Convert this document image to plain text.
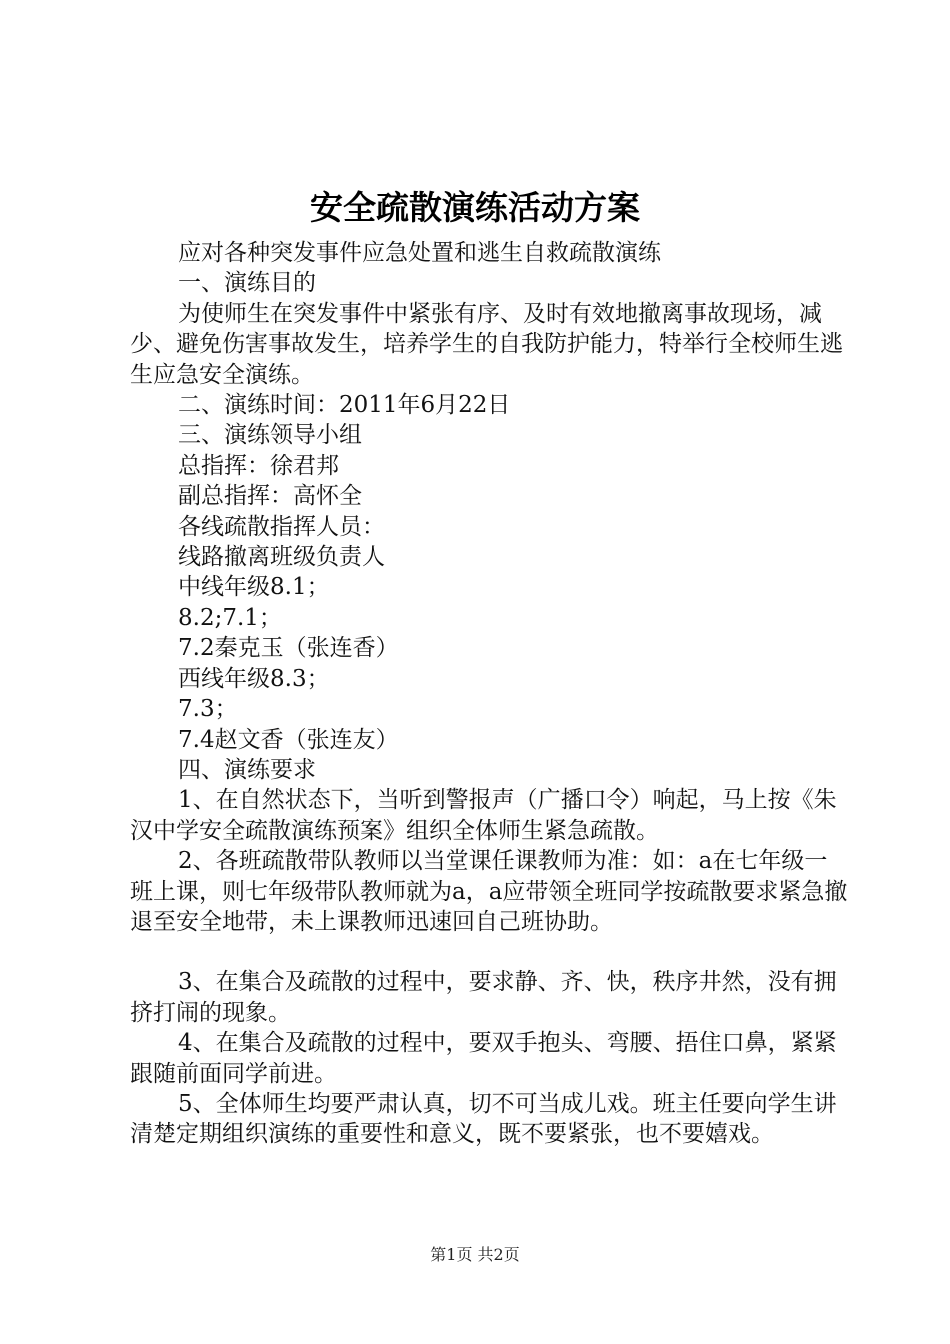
安全疏散演练活动方案

应对各种突发事件应急处置和逃生自救疏散演练

一、演练目的

为使师生在突发事件中紧张有序、及时有效地撤离事故现场，减少、避免伤害事故发生，培养学生的自我防护能力，特举行全校师生逃生应急安全演练。

二、演练时间：2011年6月22日

三、演练领导小组

总指挥：徐君邦

副总指挥：高怀全

各线疏散指挥人员：

线路撤离班级负责人

中线年级8.1；

8.2;7.1；

7.2秦克玉（张连香）

西线年级8.3；

7.3；

7.4赵文香（张连友）

四、演练要求

1、在自然状态下，当听到警报声（广播口令）响起，马上按《朱汉中学安全疏散演练预案》组织全体师生紧急疏散。

2、各班疏散带队教师以当堂课任课教师为准：如：a在七年级一班上课，则七年级带队教师就为a，a应带领全班同学按疏散要求紧急撤退至安全地带，未上课教师迅速回自己班协助。

3、在集合及疏散的过程中，要求静、齐、快，秩序井然，没有拥挤打闹的现象。

4、在集合及疏散的过程中，要双手抱头、弯腰、捂住口鼻，紧紧跟随前面同学前进。

5、全体师生均要严肃认真，切不可当成儿戏。班主任要向学生讲清楚定期组织演练的重要性和意义，既不要紧张，也不要嬉戏。

第1页 共2页
